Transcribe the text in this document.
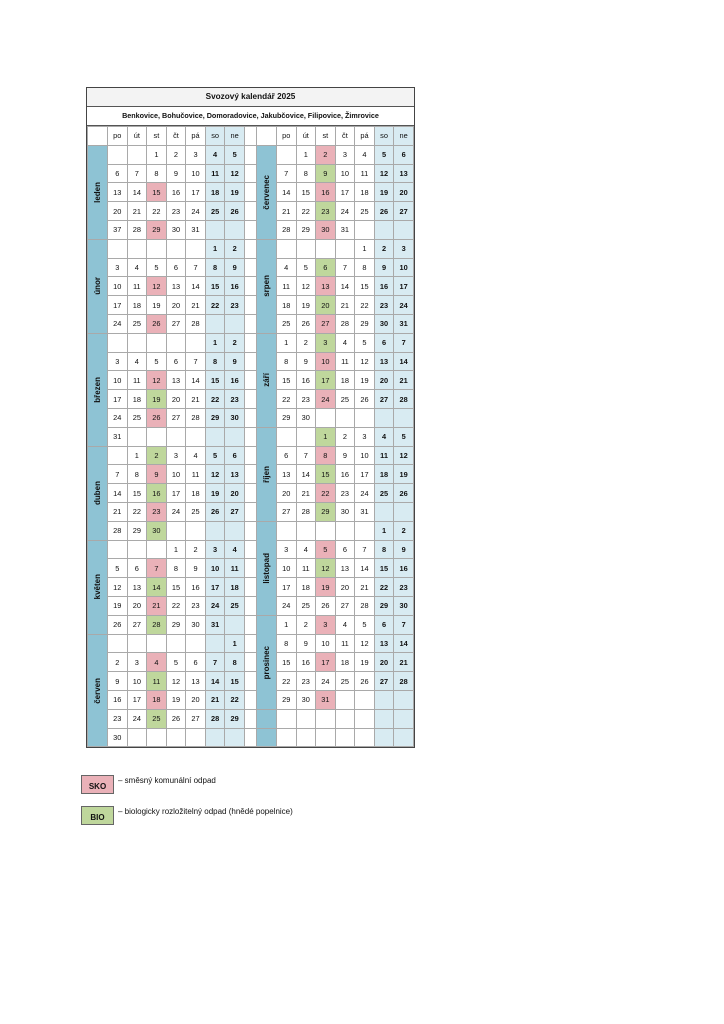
Svozový kalendář 2025
Benkovice, Bohučovice, Domoradovice, Jakubčovice, Filipovice, Žimrovice
	po	út	st	čt	pá	so	ne			po	út	st	čt	pá	so	ne

leden			1	2	3	4	5		červenec		1	2	3	4	5	6
	6	7	8	9	10	11	12			7	8	9	10	11	12	13
	13	14	15	16	17	18	19			14	15	16	17	18	19	20
	20	21	22	23	24	25	26			21	22	23	24	25	26	27
	37	28	29	30	31					28	29	30	31			

únor						1	2		srpen					1	2	3
	3	4	5	6	7	8	9			4	5	6	7	8	9	10
	10	11	12	13	14	15	16			11	12	13	14	15	16	17
	17	18	19	20	21	22	23			18	19	20	21	22	23	24
	24	25	26	27	28					25	26	27	28	29	30	31

březen						1	2		září	1	2	3	4	5	6	7
	3	4	5	6	7	8	9			8	9	10	11	12	13	14
	10	11	12	13	14	15	16			15	16	17	18	19	20	21
	17	18	19	20	21	22	23			22	23	24	25	26	27	28
	24	25	26	27	28	29	30			29	30					
	31								říjen			1	2	3	4	5

duben		1	2	3	4	5	6			6	7	8	9	10	11	12
	7	8	9	10	11	12	13			13	14	15	16	17	18	19
	14	15	16	17	18	19	20			20	21	22	23	24	25	26
	21	22	23	24	25	26	27			27	28	29	30	31		
	28	29	30						listopad						1	2

květen				1	2	3	4			3	4	5	6	7	8	9
	5	6	7	8	9	10	11			10	11	12	13	14	15	16
	12	13	14	15	16	17	18			17	18	19	20	21	22	23
	19	20	21	22	23	24	25			24	25	26	27	28	29	30
	26	27	28	29	30	31			prosinec	1	2	3	4	5	6	7

červen							1			8	9	10	11	12	13	14
	2	3	4	5	6	7	8			15	16	17	18	19	20	21
	9	10	11	12	13	14	15			22	23	24	25	26	27	28
	16	17	18	19	20	21	22			29	30	31				
	23	24	25	26	27	28	29									
	30															
SKO
– směsný komunální odpad
BIO
– biologicky rozložitelný odpad (hnědé popelnice)
